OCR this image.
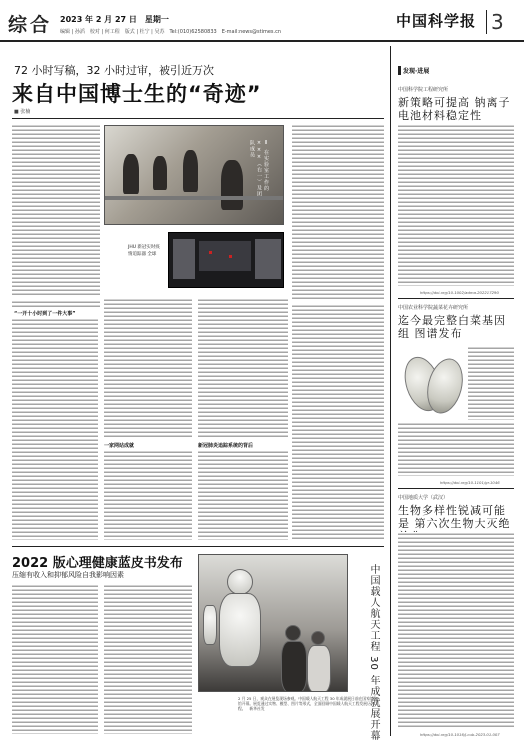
综合 2023 年 2 月 27 日　星期一
编辑 | 孙滔　校对 | 何工程　版式 | 杜宁 | 吴苏　Tel:(010)62580833　E-mail:news@stimes.cn
中国科学报 3
72 小时写稿，32 小时过审，被引近万次
来自中国博士生的“奇迹”
■ 张楠
Ⅱ 在实验室工作的 ×××（右一）及团队成员
JHU 新冠实时疫情追踪器 全球
“一开十小时到了一件大事”
一家网站成就	新冠肺炎追踪系统的背后
发现·进展
中国科学院工程研究所
新策略可提高 钠离子电池材料稳定性
https://doi.org/10.1002/adma.202217290
中国农业科学院蔬菜花卉研究所
迄今最完整白菜基因组 图谱发布
https://doi.org/10.1101/gr.1046
中国地质大学（武汉）
生物多样性锐减可能是 第六次生物大灭绝
https://doi.org/10.1016/j.cub.2023.01.007
2022 版心理健康蓝皮书发布
压缩有收入和抑郁风险自我影响因素	中国载人航天工程 30 年成就展开幕
2 月 25 日，观众在展览现场参观。中国载人航天工程 30 年成就展日前在国家博物馆开幕。展览通过实物、模型、图片等形式，全面回顾中国载人航天工程发展历程。　新华社发
